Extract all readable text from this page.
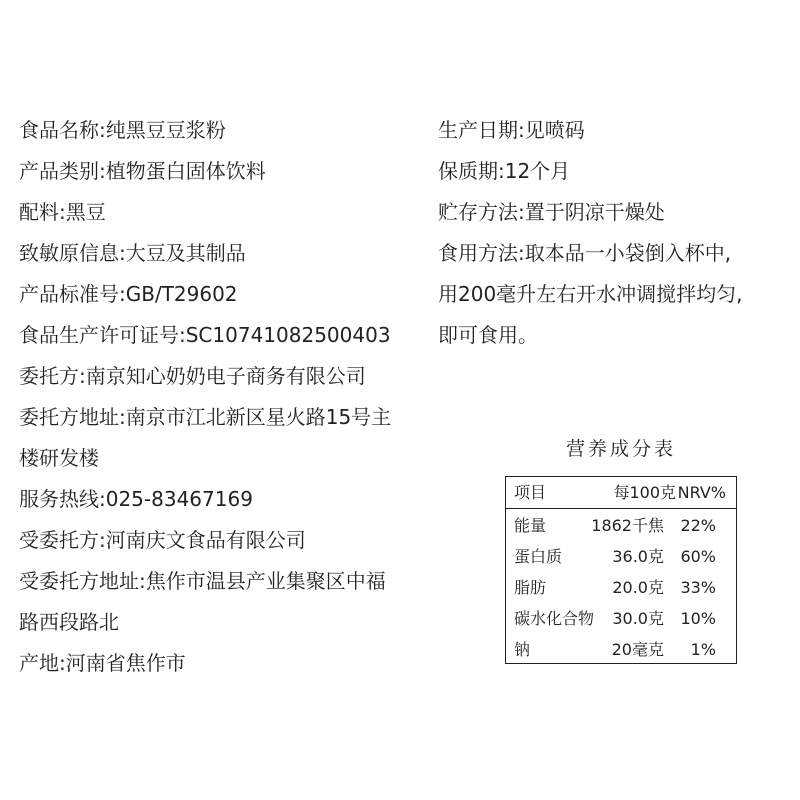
食品名称:纯黑豆豆浆粉
产品类别:植物蛋白固体饮料
配料:黑豆
致敏原信息:大豆及其制品
产品标准号:GB/T29602
食品生产许可证号:SC10741082500403
委托方:南京知心奶奶电子商务有限公司
委托方地址:南京市江北新区星火路15号主
楼研发楼
服务热线:025-83467169
受委托方:河南庆文食品有限公司
受委托方地址:焦作市温县产业集聚区中福
路西段路北
产地:河南省焦作市
生产日期:见喷码
保质期:12个月
贮存方法:置于阴凉干燥处
食用方法:取本品一小袋倒入杯中,
用200毫升左右开水冲调搅拌均匀,
即可食用。
营养成分表
项目	每100克 NRV%
能量	1862千焦 22%
蛋白质	36.0克 60%
脂肪	20.0克 33%
碳水化合物 30.0克 10%
钠	20毫克 1%
